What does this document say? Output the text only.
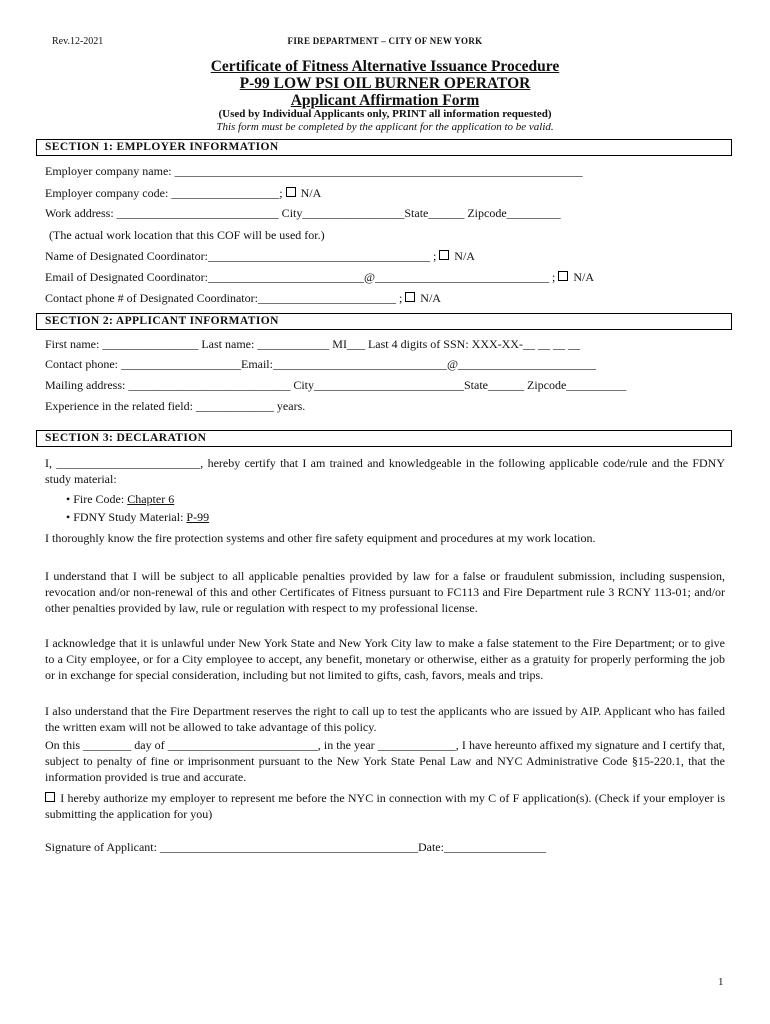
Rev.12-2021	FIRE DEPARTMENT – CITY OF NEW YORK
Certificate of Fitness Alternative Issuance Procedure
P-99 LOW PSI OIL BURNER OPERATOR
Applicant Affirmation Form
(Used by Individual Applicants only, PRINT all information requested)
This form must be completed by the applicant for the application to be valid.
SECTION 1: EMPLOYER INFORMATION
Employer company name: ____________________________________________________________________
Employer company code: __________________; N/A
Work address: ___________________________ City_________________State______ Zipcode_________
(The actual work location that this COF will be used for.)
Name of Designated Coordinator:_____________________________________ ; N/A
Email of Designated Coordinator:__________________________@_____________________________ ; N/A
Contact phone # of Designated Coordinator:_______________________ ; N/A
SECTION 2: APPLICANT INFORMATION
First name: ________________ Last name: ____________ MI___ Last 4 digits of SSN: XXX-XX-__ __ __ __
Contact phone: ____________________Email:_____________________________@_______________________
Mailing address: ___________________________ City_________________________State______ Zipcode__________
Experience in the related field: _____________ years.
SECTION 3: DECLARATION
I, ________________________, hereby certify that I am trained and knowledgeable in the following applicable code/rule and the FDNY study material:
• Fire Code: Chapter 6
• FDNY Study Material: P-99
I thoroughly know the fire protection systems and other fire safety equipment and procedures at my work location.
I understand that I will be subject to all applicable penalties provided by law for a false or fraudulent submission, including suspension, revocation and/or non-renewal of this and other Certificates of Fitness pursuant to FC113 and Fire Department rule 3 RCNY 113-01; and/or other penalties provided by law, rule or regulation with respect to my professional license.
I acknowledge that it is unlawful under New York State and New York City law to make a false statement to the Fire Department; or to give to a City employee, or for a City employee to accept, any benefit, monetary or otherwise, either as a gratuity for properly performing the job or in exchange for special consideration, including but not limited to gifts, cash, favors, meals and trips.
I also understand that the Fire Department reserves the right to call up to test the applicants who are issued by AIP. Applicant who has failed the written exam will not be allowed to take advantage of this policy.
On this ________ day of _________________________, in the year _____________, I have hereunto affixed my signature and I certify that, subject to penalty of fine or imprisonment pursuant to the New York State Penal Law and NYC Administrative Code §15-220.1, that the information provided is true and accurate.
I hereby authorize my employer to represent me before the NYC in connection with my C of F application(s). (Check if your employer is submitting the application for you)
Signature of Applicant: ___________________________________________Date:_________________
1
